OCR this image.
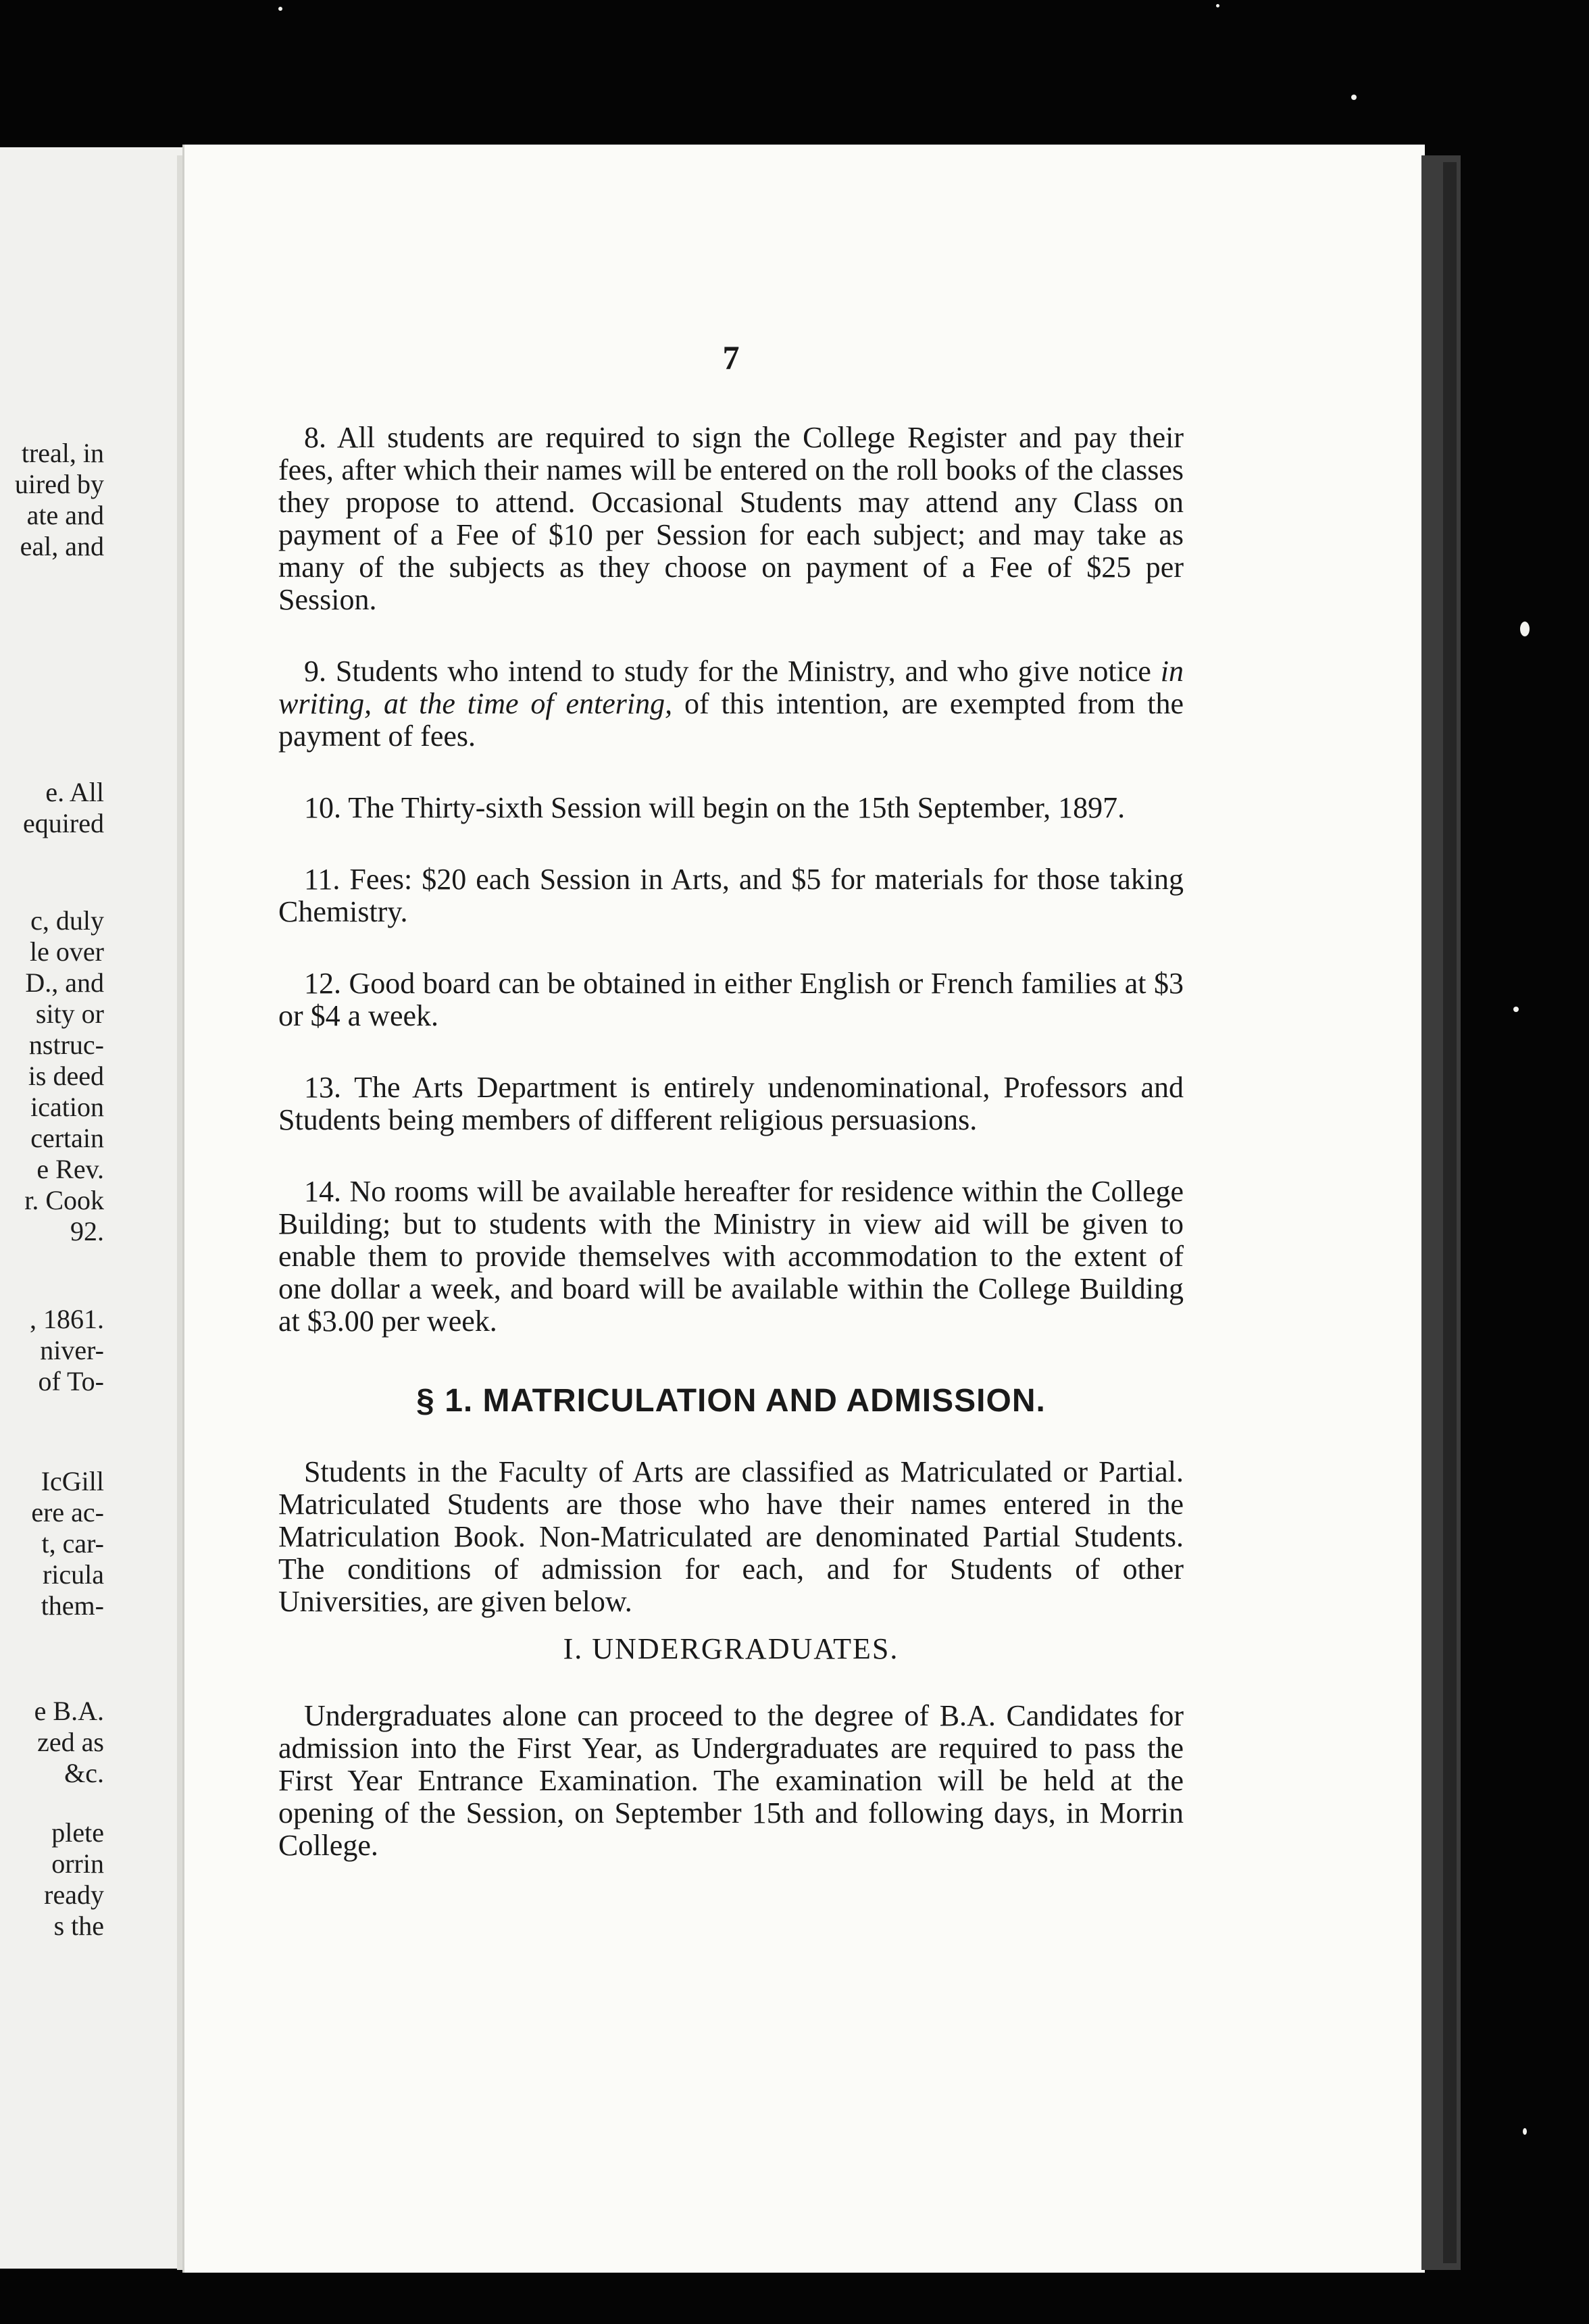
treal, in
uired by
ate and
eal, and
e. All
equired
c, duly
le over
D., and
sity or
nstruc-
is deed
ication
certain
e Rev.
r. Cook
92.
, 1861.
niver-
of To-
IcGill
ere ac-
t, car-
ricula
them-
e B.A.
zed as
&c.
plete
orrin
ready
s the
7

8. All students are required to sign the College Register and pay their fees, after which their names will be entered on the roll books of the classes they propose to attend. Occasional Students may attend any Class on payment of a Fee of $10 per Session for each subject; and may take as many of the subjects as they choose on payment of a Fee of $25 per Session.

9. Students who intend to study for the Ministry, and who give notice in writing, at the time of entering, of this intention, are exempted from the payment of fees.

10. The Thirty-sixth Session will begin on the 15th September, 1897.

11. Fees: $20 each Session in Arts, and $5 for materials for those taking Chemistry.

12. Good board can be obtained in either English or French families at $3 or $4 a week.

13. The Arts Department is entirely undenominational, Professors and Students being members of different religious persuasions.

14. No rooms will be available hereafter for residence within the College Building; but to students with the Ministry in view aid will be given to enable them to provide themselves with accommodation to the extent of one dollar a week, and board will be available within the College Building at $3.00 per week.

§ 1. MATRICULATION AND ADMISSION.

Students in the Faculty of Arts are classified as Matriculated or Partial. Matriculated Students are those who have their names entered in the Matriculation Book. Non-Matriculated are denominated Partial Students. The conditions of admission for each, and for Students of other Universities, are given below.

I. UNDERGRADUATES.

Undergraduates alone can proceed to the degree of B.A. Candidates for admission into the First Year, as Undergraduates are required to pass the First Year Entrance Examination. The examination will be held at the opening of the Session, on September 15th and following days, in Morrin College.
